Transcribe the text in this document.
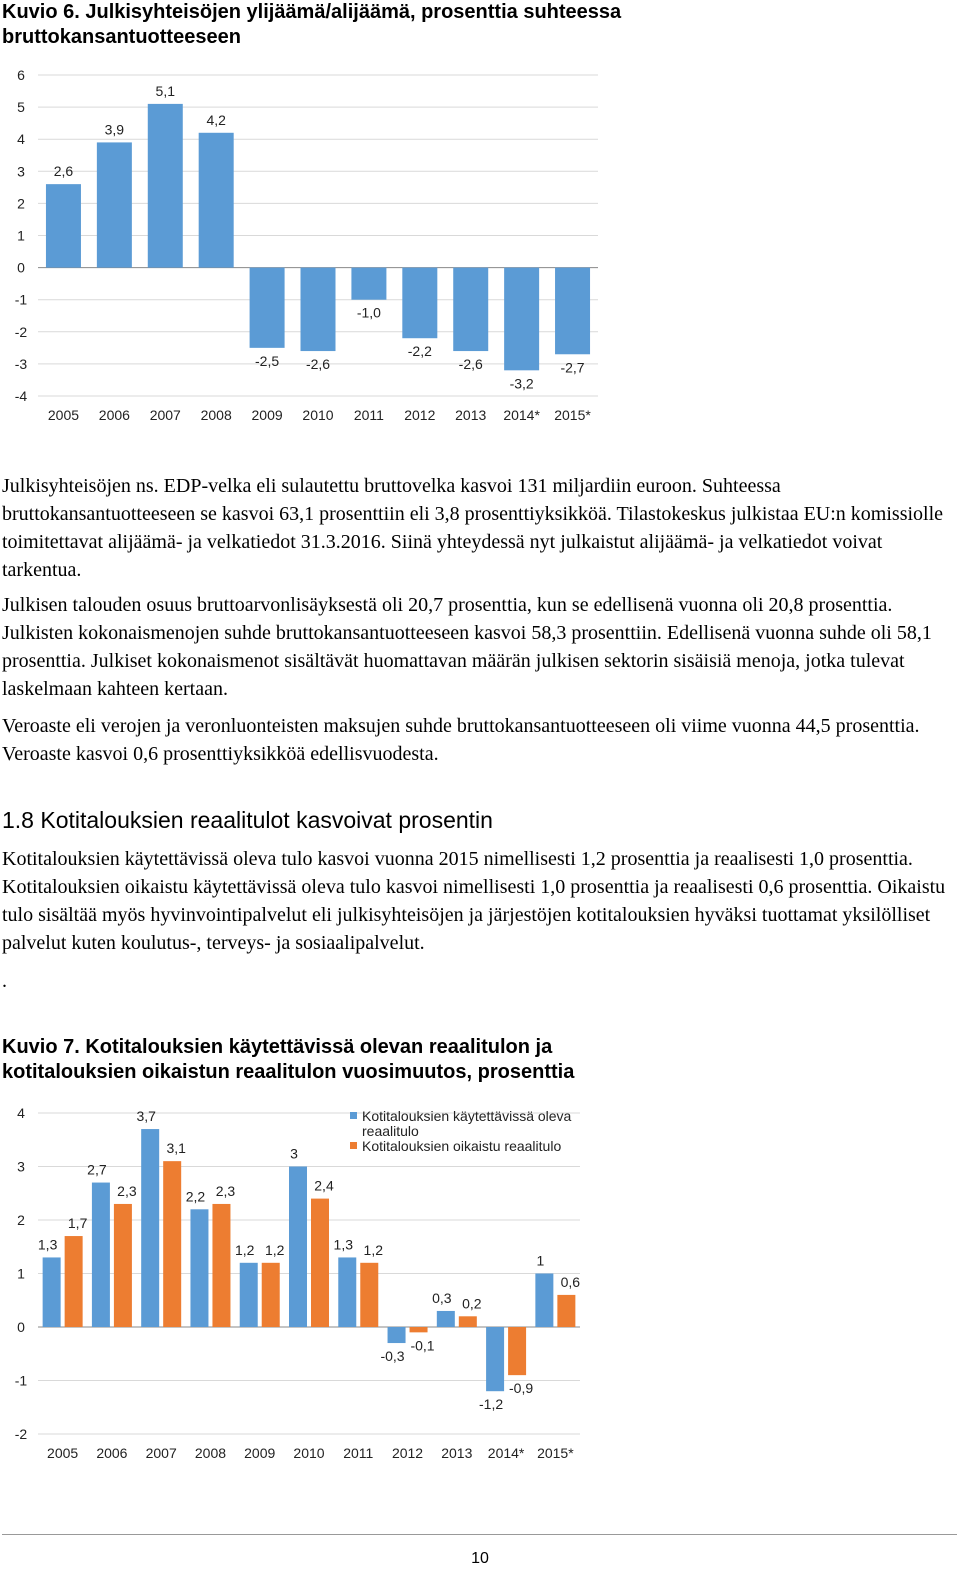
Kuvio 6. Julkisyhteisöjen ylijäämä/alijäämä, prosenttia suhteessa
bruttokansantuotteeseen
-4
-3
-2
-1
0
1
2
3
4
5
6
2,6
2005
3,9
2006
5,1
2007
4,2
2008
-2,5
2009
-2,6
2010
-1,0
2011
-2,2
2012
-2,6
2013
-3,2
2014*
-2,7
2015*

Julkisyhteisöjen ns. EDP-velka eli sulautettu bruttovelka kasvoi 131 miljardiin euroon. Suhteessa bruttokansantuotteeseen se kasvoi 63,1 prosenttiin eli 3,8 prosenttiyksikköä. Tilastokeskus julkistaa EU:n komissiolle toimitettavat alijäämä- ja velkatiedot 31.3.2016. Siinä yhteydessä nyt julkaistut alijäämä- ja velkatiedot voivat tarkentua.

Julkisen talouden osuus bruttoarvonlisäyksestä oli 20,7 prosenttia, kun se edellisenä vuonna oli 20,8 prosenttia. Julkisten kokonaismenojen suhde bruttokansantuotteeseen kasvoi 58,3 prosenttiin. Edellisenä vuonna suhde oli 58,1 prosenttia. Julkiset kokonaismenot sisältävät huomattavan määrän julkisen sektorin sisäisiä menoja, jotka tulevat laskelmaan kahteen kertaan.

Veroaste eli verojen ja veronluonteisten maksujen suhde bruttokansantuotteeseen oli viime vuonna 44,5 prosenttia. Veroaste kasvoi 0,6 prosenttiyksikköä edellisvuodesta.

1.8 Kotitalouksien reaalitulot kasvoivat prosentin

Kotitalouksien käytettävissä oleva tulo kasvoi vuonna 2015 nimellisesti 1,2 prosenttia ja reaalisesti 1,0 prosenttia. Kotitalouksien oikaistu käytettävissä oleva tulo kasvoi nimellisesti 1,0 prosenttia ja reaalisesti 0,6 prosenttia. Oikaistu tulo sisältää myös hyvinvointipalvelut eli julkisyhteisöjen ja järjestöjen kotitalouksien hyväksi tuottamat yksilölliset palvelut kuten koulutus-, terveys- ja sosiaalipalvelut.

.

Kuvio 7. Kotitalouksien käytettävissä olevan reaalitulon ja
kotitalouksien oikaistun reaalitulon vuosimuutos, prosenttia
-2
-1
0
1
2
3
4
1,3
1,7
2005
2,7
2,3
2006
3,7
3,1
2007
2,2 2,3
2008
1,2 1,2
2009
3
2,4
2010
1,3 1,2
2011
-0,3
-0,1
2012
0,3 0,2
2013
-1,2
-0,9
2014*
1
0,6
2015*
Kotitalouksien käytettävissä oleva
reaalitulo
Kotitalouksien oikaistu reaalitulo
10
